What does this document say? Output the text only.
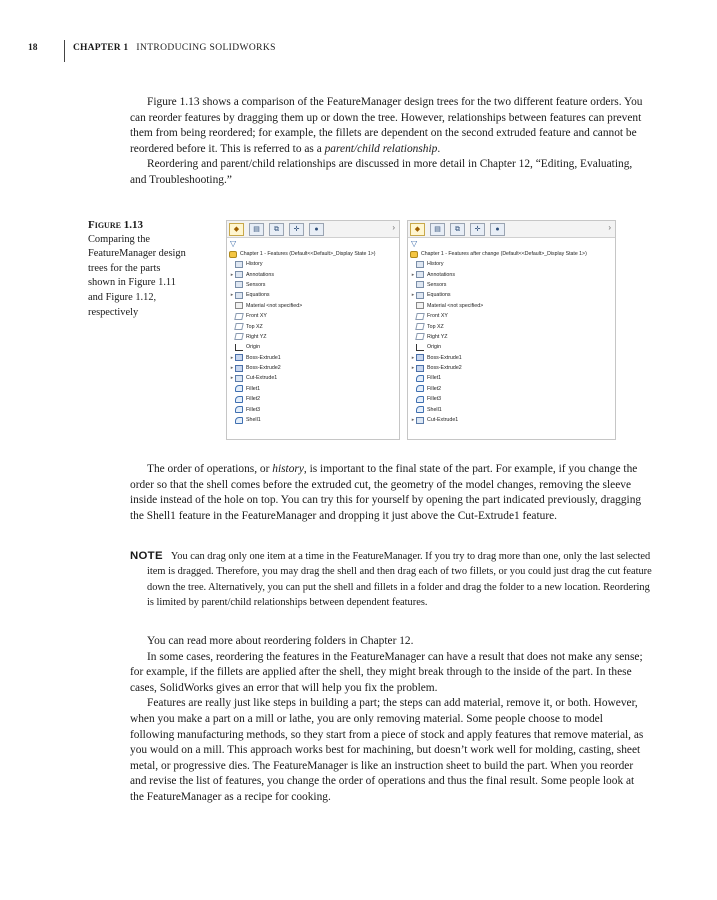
18	CHAPTER 1 INTRODUCING SOLIDWORKS

Figure 1.13 shows a comparison of the FeatureManager design trees for the two different feature orders. You can reorder features by dragging them up or down the tree. However, relationships between features can prevent them from being reordered; for example, the fillets are dependent on the second extruded feature and cannot be reordered before it. This is referred to as a parent/child relationship.

Reordering and parent/child relationships are discussed in more detail in Chapter 12, “Editing, Evaluating, and Troubleshooting.”

Figure 1.13
Comparing the FeatureManager design trees for the parts shown in Figure 1.11 and Figure 1.12, respectively
◆	▤	⧉	✛	●	›
▽
Chapter 1 - Features (Default<<Default>_Display State 1>)
History
▸	Annotations
Sensors
▸	Equations
Material <not specified>
Front XY
Top XZ
Right YZ
Origin
▸	Boss-Extrude1
▸	Boss-Extrude2
▸	Cut-Extrude1
Fillet1
Fillet2
Fillet3
Shell1
◆	▤	⧉	✛	●	›
▽
Chapter 1 - Features after change (Default<<Default>_Display State 1>)
History
▸	Annotations
Sensors
▸	Equations
Material <not specified>
Front XY
Top XZ
Right YZ
Origin
▸	Boss-Extrude1
▸	Boss-Extrude2
Fillet1
Fillet2
Fillet3
Shell1
▸	Cut-Extrude1

The order of operations, or history, is important to the final state of the part. For example, if you change the order so that the shell comes before the extruded cut, the geometry of the model changes, removing the sleeve inside instead of the hole on top. You can try this for yourself by opening the part indicated previously, dragging the Shell1 feature in the FeatureManager and dropping it just above the Cut-Extrude1 feature.

NOTE You can drag only one item at a time in the FeatureManager. If you try to drag more than one, only the last selected item is dragged. Therefore, you may drag the shell and then drag each of two fillets, or you could just drag the cut feature down the tree. Alternatively, you can put the shell and fillets in a folder and drag the folder to a new location. Reordering is limited by parent/child relationships between dependent features.

You can read more about reordering folders in Chapter 12.

In some cases, reordering the features in the FeatureManager can have a result that does not make any sense; for example, if the fillets are applied after the shell, they might break through to the inside of the part. In these cases, SolidWorks gives an error that will help you fix the problem.

Features are really just like steps in building a part; the steps can add material, remove it, or both. However, when you make a part on a mill or lathe, you are only removing material. Some people choose to model following manufacturing methods, so they start from a piece of stock and apply features that remove material, as you would on a mill. This approach works best for machining, but doesn’t work well for molding, casting, sheet metal, or progressive dies. The FeatureManager is like an instruction sheet to build the part. When you reorder and revise the list of features, you change the order of operations and thus the final result. Some people look at the FeatureManager as a recipe for cooking.
